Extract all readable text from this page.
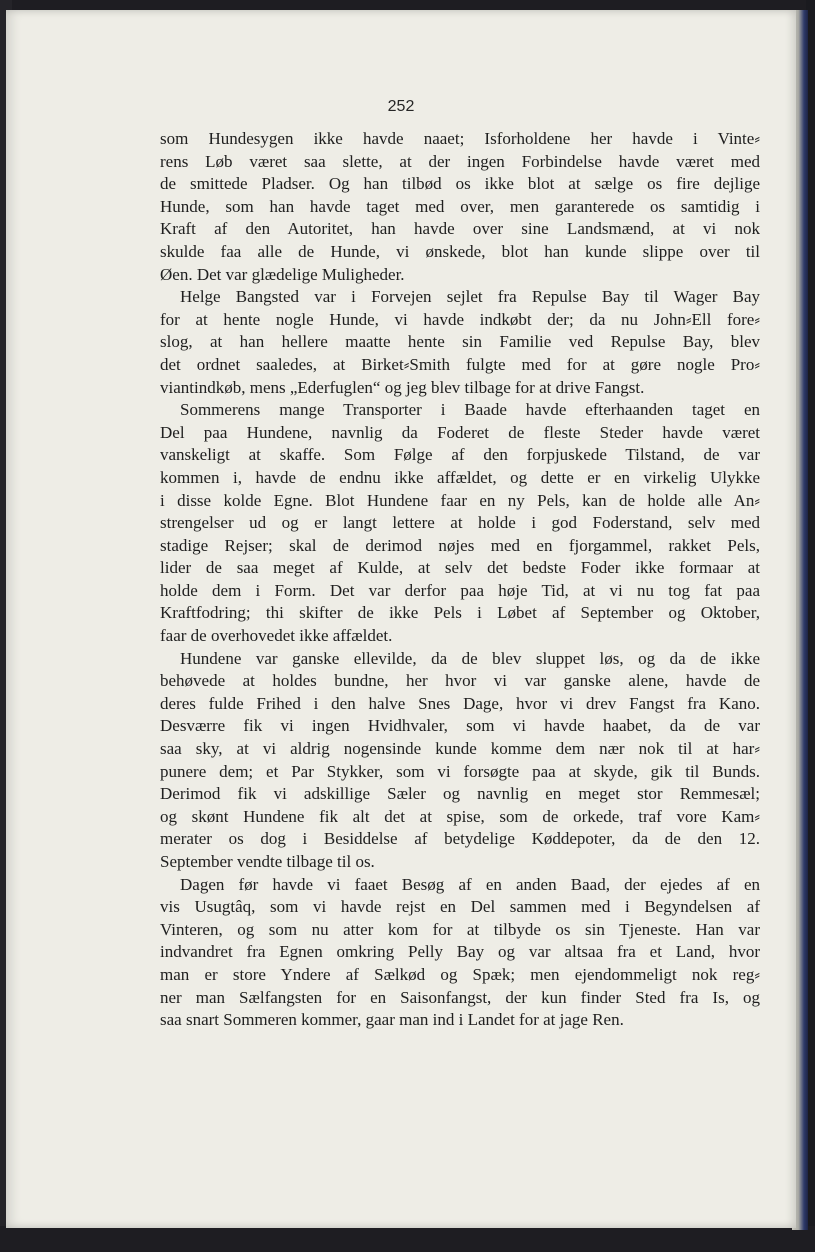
252
som Hundesygen ikke havde naaet; Isforholdene her havde i Vinte⸗
rens Løb været saa slette, at der ingen Forbindelse havde været med
de smittede Pladser. Og han tilbød os ikke blot at sælge os fire dejlige
Hunde, som han havde taget med over, men garanterede os samtidig i
Kraft af den Autoritet, han havde over sine Landsmænd, at vi nok
skulde faa alle de Hunde, vi ønskede, blot han kunde slippe over til
Øen. Det var glædelige Muligheder.
Helge Bangsted var i Forvejen sejlet fra Repulse Bay til Wager Bay
for at hente nogle Hunde, vi havde indkøbt der; da nu John⸗Ell fore⸗
slog, at han hellere maatte hente sin Familie ved Repulse Bay, blev
det ordnet saaledes, at Birket⸗Smith fulgte med for at gøre nogle Pro⸗
viantindkøb, mens „Ederfuglen“ og jeg blev tilbage for at drive Fangst.
Sommerens mange Transporter i Baade havde efterhaanden taget en
Del paa Hundene, navnlig da Foderet de fleste Steder havde været
vanskeligt at skaffe. Som Følge af den forpjuskede Tilstand, de var
kommen i, havde de endnu ikke affældet, og dette er en virkelig Ulykke
i disse kolde Egne. Blot Hundene faar en ny Pels, kan de holde alle An⸗
strengelser ud og er langt lettere at holde i god Foderstand, selv med
stadige Rejser; skal de derimod nøjes med en fjorgammel, rakket Pels,
lider de saa meget af Kulde, at selv det bedste Foder ikke formaar at
holde dem i Form. Det var derfor paa høje Tid, at vi nu tog fat paa
Kraftfodring; thi skifter de ikke Pels i Løbet af September og Oktober,
faar de overhovedet ikke affældet.
Hundene var ganske ellevilde, da de blev sluppet løs, og da de ikke
behøvede at holdes bundne, her hvor vi var ganske alene, havde de
deres fulde Frihed i den halve Snes Dage, hvor vi drev Fangst fra Kano.
Desværre fik vi ingen Hvidhvaler, som vi havde haabet, da de var
saa sky, at vi aldrig nogensinde kunde komme dem nær nok til at har⸗
punere dem; et Par Stykker, som vi forsøgte paa at skyde, gik til Bunds.
Derimod fik vi adskillige Sæler og navnlig en meget stor Remmesæl;
og skønt Hundene fik alt det at spise, som de orkede, traf vore Kam⸗
merater os dog i Besiddelse af betydelige Køddepoter, da de den 12.
September vendte tilbage til os.
Dagen før havde vi faaet Besøg af en anden Baad, der ejedes af en
vis Usugtâq, som vi havde rejst en Del sammen med i Begyndelsen af
Vinteren, og som nu atter kom for at tilbyde os sin Tjeneste. Han var
indvandret fra Egnen omkring Pelly Bay og var altsaa fra et Land, hvor
man er store Yndere af Sælkød og Spæk; men ejendommeligt nok reg⸗
ner man Sælfangsten for en Saisonfangst, der kun finder Sted fra Is, og
saa snart Sommeren kommer, gaar man ind i Landet for at jage Ren.
